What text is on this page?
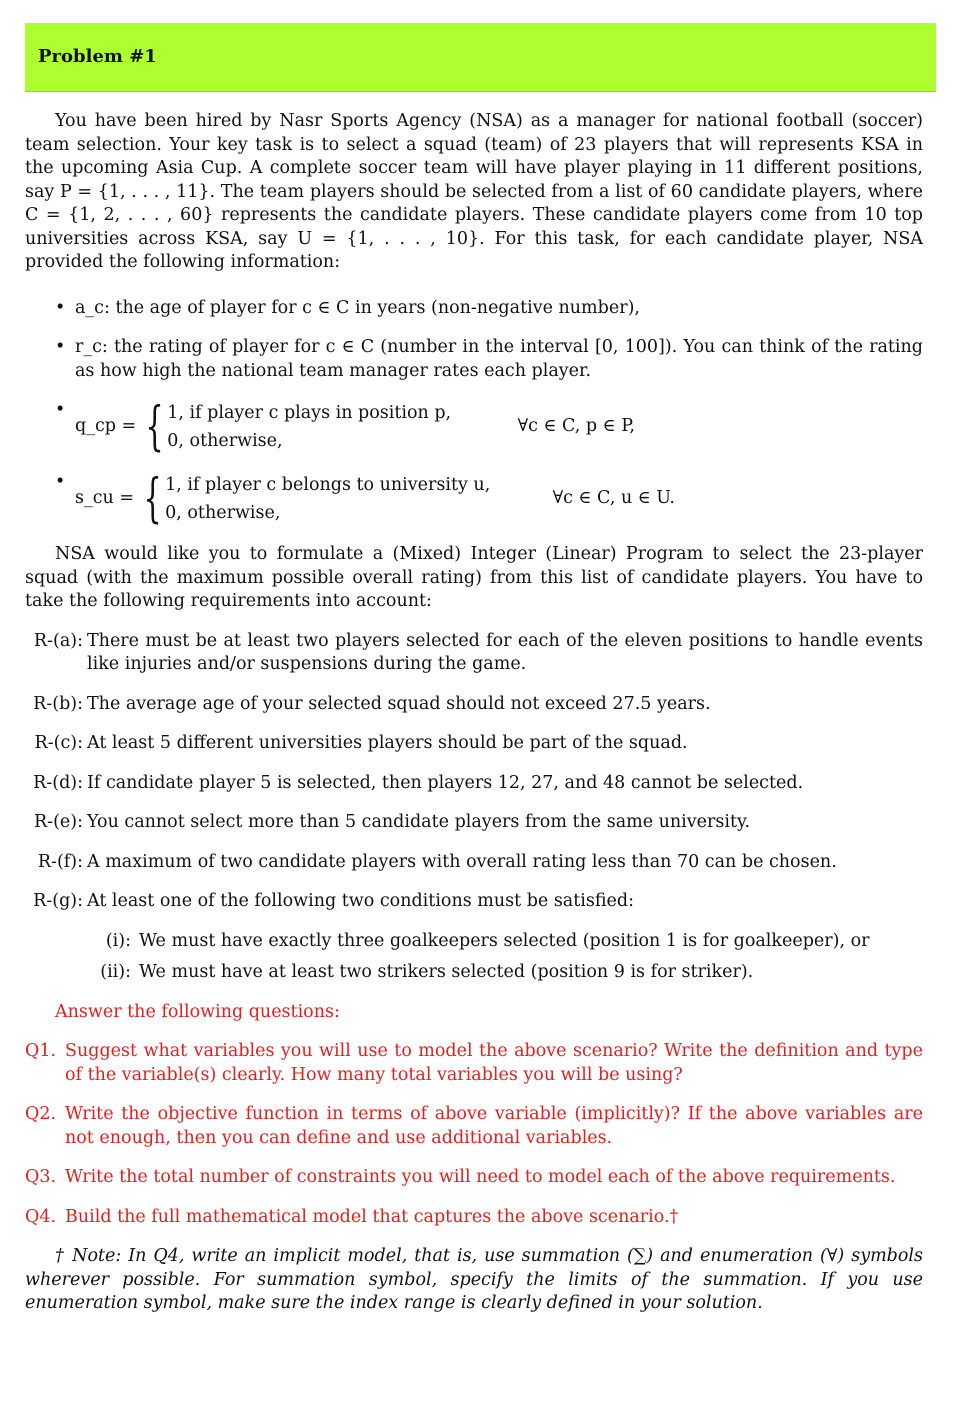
Problem #1

You have been hired by Nasr Sports Agency (NSA) as a manager for national football (soccer) team selection. Your key task is to select a squad (team) of 23 players that will represents KSA in the upcoming Asia Cup. A complete soccer team will have player playing in 11 different positions, say P = {1, . . . , 11}. The team players should be selected from a list of 60 candidate players, where C = {1, 2, . . . , 60} represents the candidate players. These candidate players come from 10 top universities across KSA, say U = {1, . . . , 10}. For this task, for each candidate player, NSA provided the following information:

• a_c: the age of player for c ∈ C in years (non-negative number),
• r_c: the rating of player for c ∈ C (number in the interval [0, 100]). You can think of the rating as how high the national team manager rates each player.
• q_cp = { 1, if player c plays in position p,
0, otherwise,
∀c ∈ C, p ∈ P,
• s_cu = { 1, if player c belongs to university u,
0, otherwise,
∀c ∈ C, u ∈ U.

NSA would like you to formulate a (Mixed) Integer (Linear) Program to select the 23-player squad (with the maximum possible overall rating) from this list of candidate players. You have to take the following requirements into account:

R-(a): There must be at least two players selected for each of the eleven positions to handle events like injuries and/or suspensions during the game.
R-(b): The average age of your selected squad should not exceed 27.5 years.
R-(c): At least 5 different universities players should be part of the squad.
R-(d): If candidate player 5 is selected, then players 12, 27, and 48 cannot be selected.
R-(e): You cannot select more than 5 candidate players from the same university.
R-(f): A maximum of two candidate players with overall rating less than 70 can be chosen.
R-(g): At least one of the following two conditions must be satisfied:
(i): We must have exactly three goalkeepers selected (position 1 is for goalkeeper), or
(ii): We must have at least two strikers selected (position 9 is for striker).

Answer the following questions:

Q1. Suggest what variables you will use to model the above scenario? Write the definition and type of the variable(s) clearly. How many total variables you will be using?
Q2. Write the objective function in terms of above variable (implicitly)? If the above variables are not enough, then you can define and use additional variables.
Q3. Write the total number of constraints you will need to model each of the above requirements.
Q4. Build the full mathematical model that captures the above scenario.†

† Note: In Q4, write an implicit model, that is, use summation (∑) and enumeration (∀) symbols wherever possible. For summation symbol, specify the limits of the summation. If you use enumeration symbol, make sure the index range is clearly defined in your solution.
